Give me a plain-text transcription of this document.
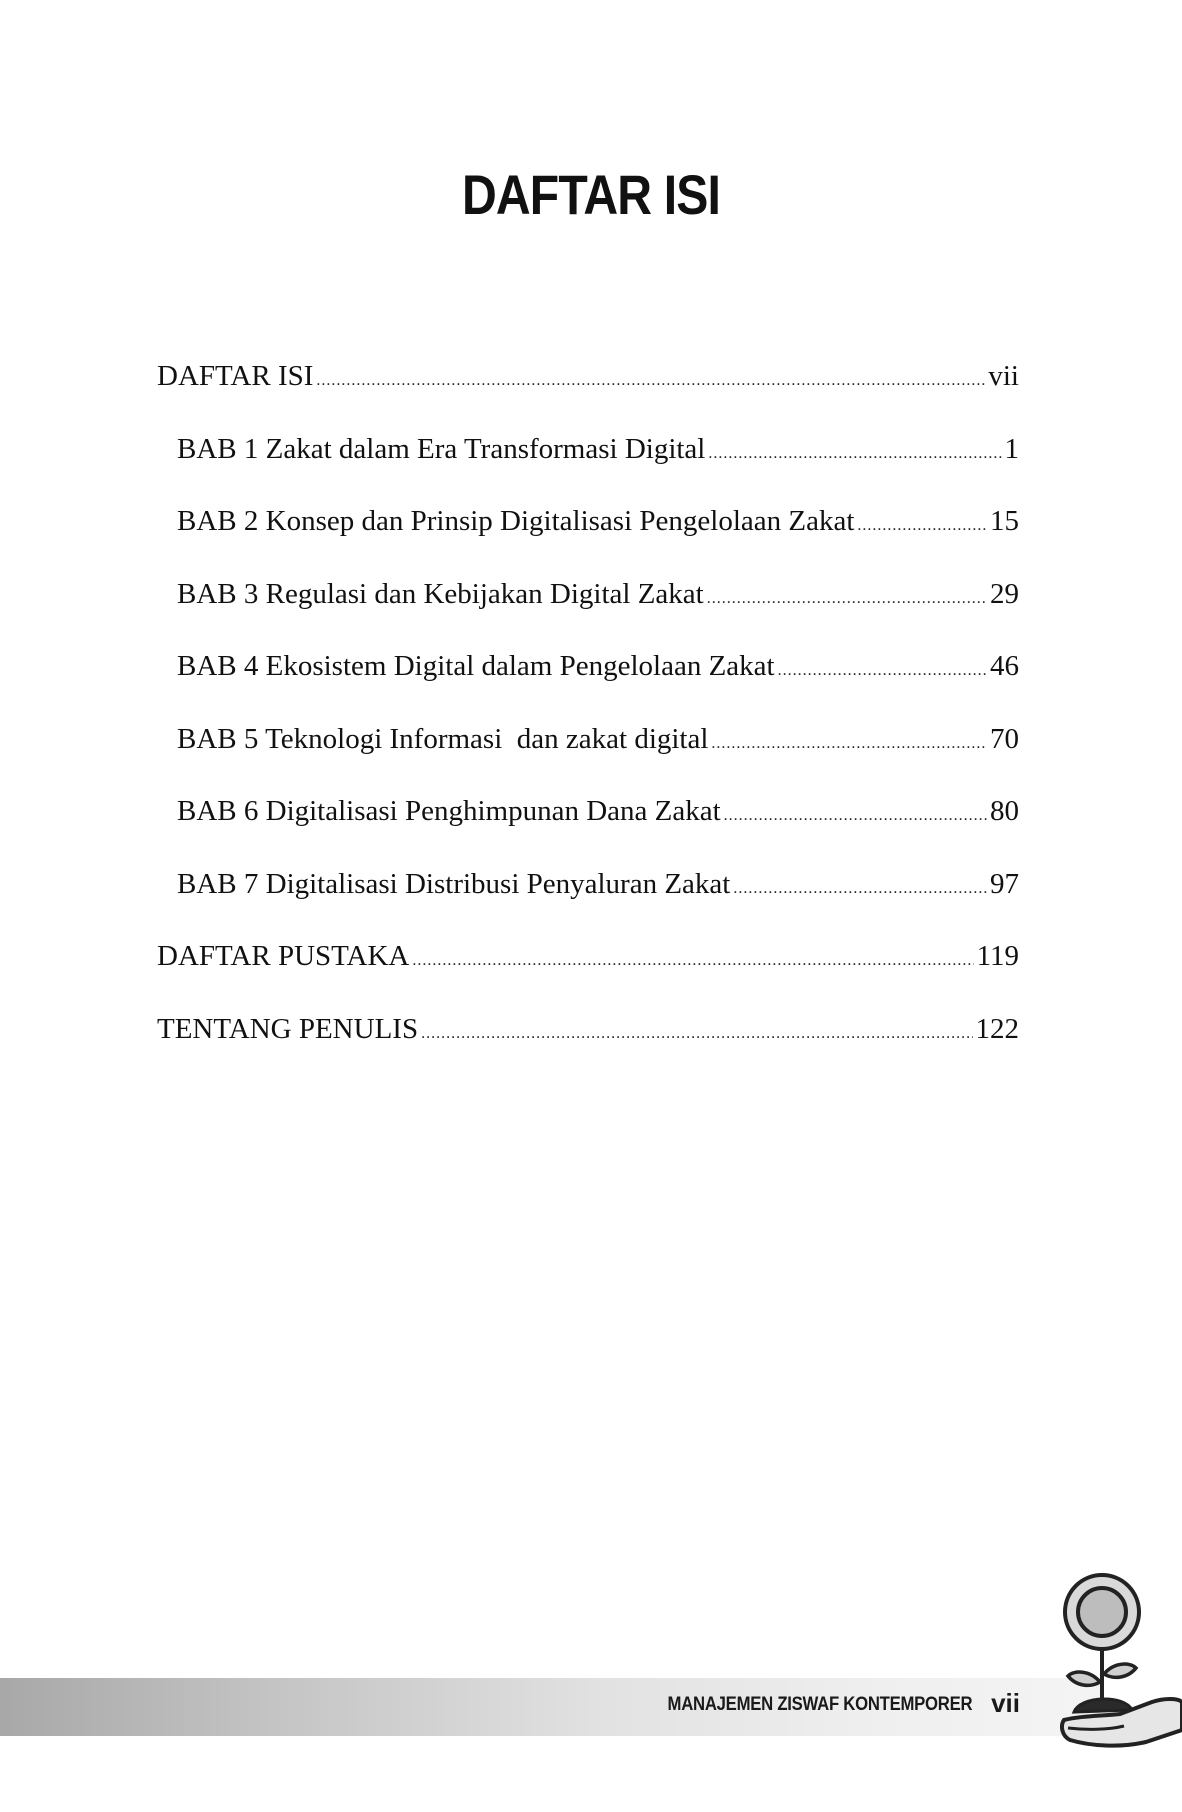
DAFTAR ISI
DAFTAR ISI .....	vii
BAB 1 Zakat dalam Era Transformasi Digital .....	1
BAB 2 Konsep dan Prinsip Digitalisasi Pengelolaan Zakat .....	15
BAB 3 Regulasi dan Kebijakan Digital Zakat .....	29
BAB 4 Ekosistem Digital dalam Pengelolaan Zakat .....	46
BAB 5 Teknologi Informasi  dan zakat digital .....	70
BAB 6 Digitalisasi Penghimpunan Dana Zakat .....	80
BAB 7 Digitalisasi Distribusi Penyaluran Zakat .....	97
DAFTAR PUSTAKA .....	119
TENTANG PENULIS .....	122
MANAJEMEN ZISWAF KONTEMPORER vii
